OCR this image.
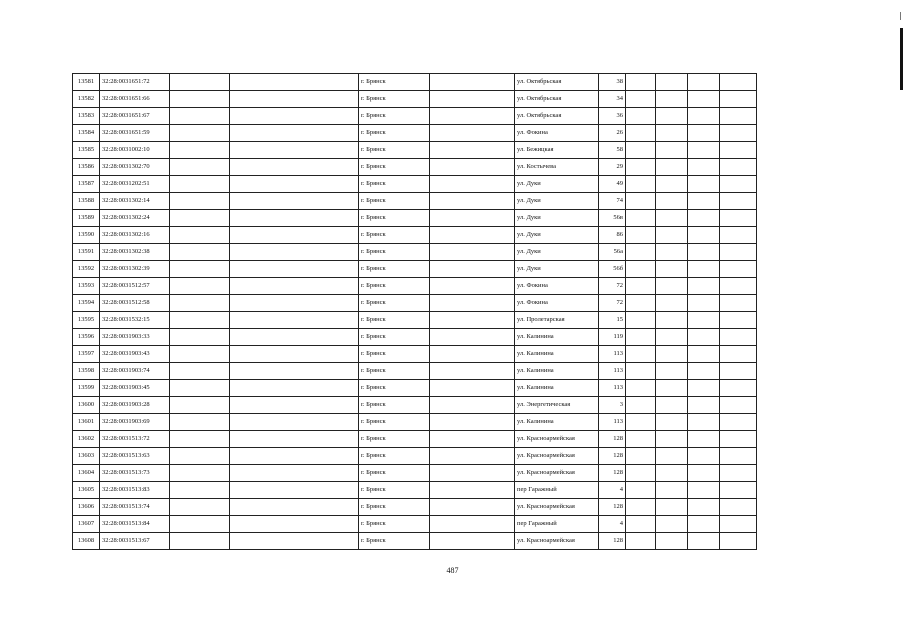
13581	32:28:0031651:72			г. Брянск		ул. Октябрьская	38				
13582	32:28:0031651:66			г. Брянск		ул. Октябрьская	34				
13583	32:28:0031651:67			г. Брянск		ул. Октябрьская	36				
13584	32:28:0031651:59			г. Брянск		ул. Фокина	26				
13585	32:28:0031002:10			г. Брянск		ул. Бежицкая	58				
13586	32:28:0031302:70			г. Брянск		ул. Костычева	29				
13587	32:28:0031202:51			г. Брянск		ул. Дуки	49				
13588	32:28:0031302:14			г. Брянск		ул. Дуки	74				
13589	32:28:0031302:24			г. Брянск		ул. Дуки	56в				
13590	32:28:0031302:16			г. Брянск		ул. Дуки	86				
13591	32:28:0031302:38			г. Брянск		ул. Дуки	56а				
13592	32:28:0031302:39			г. Брянск		ул. Дуки	56б				
13593	32:28:0031512:57			г. Брянск		ул. Фокина	72				
13594	32:28:0031512:58			г. Брянск		ул. Фокина	72				
13595	32:28:0031532:15			г. Брянск		ул. Пролетарская	15				
13596	32:28:0031903:33			г. Брянск		ул. Калинина	119				
13597	32:28:0031903:43			г. Брянск		ул. Калинина	113				
13598	32:28:0031903:74			г. Брянск		ул. Калинина	113				
13599	32:28:0031903:45			г. Брянск		ул. Калинина	113				
13600	32:28:0031903:28			г. Брянск		ул. Энергетическая	3				
13601	32:28:0031903:69			г. Брянск		ул. Калинина	113				
13602	32:28:0031513:72			г. Брянск		ул. Красноармейская	128				
13603	32:28:0031513:63			г. Брянск		ул. Красноармейская	128				
13604	32:28:0031513:73			г. Брянск		ул. Красноармейская	128				
13605	32:28:0031513:83			г. Брянск		пер Гаражный	4				
13606	32:28:0031513:74			г. Брянск		ул. Красноармейская	128				
13607	32:28:0031513:84			г. Брянск		пер Гаражный	4				
13608	32:28:0031513:67			г. Брянск		ул. Красноармейская	128				
487
